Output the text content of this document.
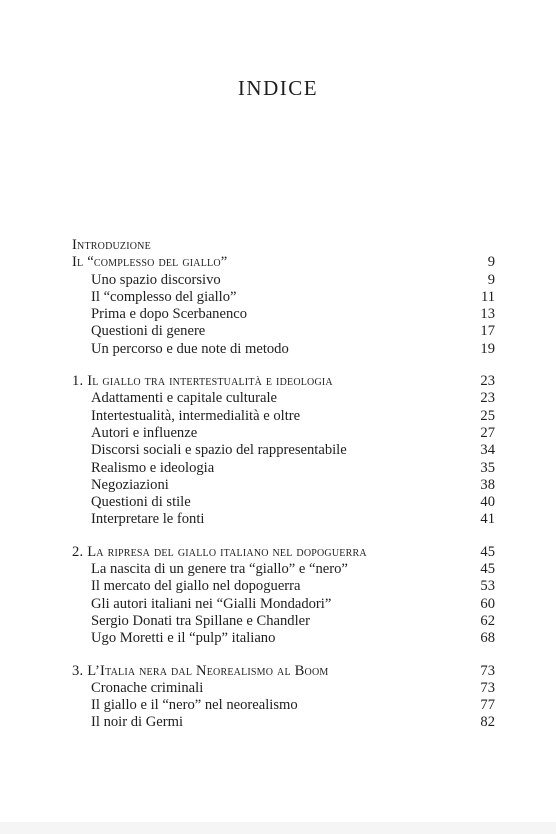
INDICE
Introduzione
Il “complesso del giallo”	9
Uno spazio discorsivo	9
Il “complesso del giallo”	11
Prima e dopo Scerbanenco	13
Questioni di genere	17
Un percorso e due note di metodo	19
1. Il giallo tra intertestualità e ideologia	23
Adattamenti e capitale culturale	23
Intertestualità, intermedialità e oltre	25
Autori e influenze	27
Discorsi sociali e spazio del rappresentabile	34
Realismo e ideologia	35
Negoziazioni	38
Questioni di stile	40
Interpretare le fonti	41
2. La ripresa del giallo italiano nel dopoguerra	45
La nascita di un genere tra “giallo” e “nero”	45
Il mercato del giallo nel dopoguerra	53
Gli autori italiani nei “Gialli Mondadori”	60
Sergio Donati tra Spillane e Chandler	62
Ugo Moretti e il “pulp” italiano	68
3. L’Italia nera dal Neorealismo al Boom	73
Cronache criminali	73
Il giallo e il “nero” nel neorealismo	77
Il noir di Germi	82
